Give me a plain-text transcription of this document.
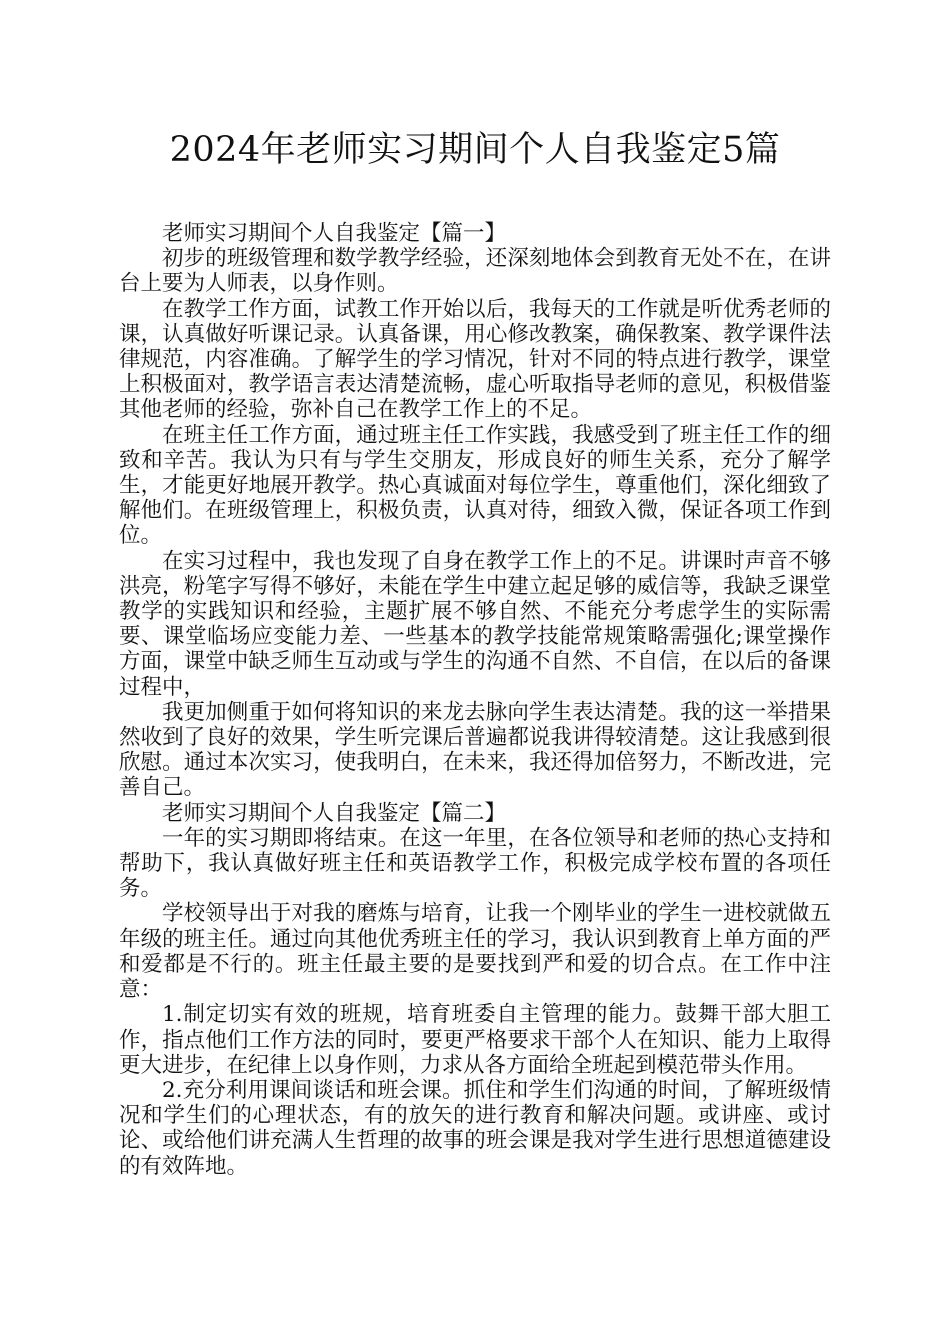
2024年老师实习期间个人自我鉴定5篇

老师实习期间个人自我鉴定【篇一】

初步的班级管理和数学教学经验，还深刻地体会到教育无处不在，在讲台上要为人师表，以身作则。

在教学工作方面，试教工作开始以后，我每天的工作就是听优秀老师的课，认真做好听课记录。认真备课，用心修改教案，确保教案、教学课件法律规范，内容准确。了解学生的学习情况，针对不同的特点进行教学，课堂上积极面对，教学语言表达清楚流畅，虚心听取指导老师的意见，积极借鉴其他老师的经验，弥补自己在教学工作上的不足。

在班主任工作方面，通过班主任工作实践，我感受到了班主任工作的细致和辛苦。我认为只有与学生交朋友，形成良好的师生关系，充分了解学生，才能更好地展开教学。热心真诚面对每位学生，尊重他们，深化细致了解他们。在班级管理上，积极负责，认真对待，细致入微，保证各项工作到位。

在实习过程中，我也发现了自身在教学工作上的不足。讲课时声音不够洪亮，粉笔字写得不够好，未能在学生中建立起足够的威信等，我缺乏课堂教学的实践知识和经验，主题扩展不够自然、不能充分考虑学生的实际需要、课堂临场应变能力差、一些基本的教学技能常规策略需强化;课堂操作方面，课堂中缺乏师生互动或与学生的沟通不自然、不自信，在以后的备课过程中，

我更加侧重于如何将知识的来龙去脉向学生表达清楚。我的这一举措果然收到了良好的效果，学生听完课后普遍都说我讲得较清楚。这让我感到很欣慰。通过本次实习，使我明白，在未来，我还得加倍努力，不断改进，完善自己。

老师实习期间个人自我鉴定【篇二】

一年的实习期即将结束。在这一年里，在各位领导和老师的热心支持和帮助下，我认真做好班主任和英语教学工作，积极完成学校布置的各项任务。

学校领导出于对我的磨炼与培育，让我一个刚毕业的学生一进校就做五年级的班主任。通过向其他优秀班主任的学习，我认识到教育上单方面的严和爱都是不行的。班主任最主要的是要找到严和爱的切合点。在工作中注意：

1.制定切实有效的班规，培育班委自主管理的能力。鼓舞干部大胆工作，指点他们工作方法的同时，要更严格要求干部个人在知识、能力上取得更大进步，在纪律上以身作则，力求从各方面给全班起到模范带头作用。

2.充分利用课间谈话和班会课。抓住和学生们沟通的时间，了解班级情况和学生们的心理状态，有的放矢的进行教育和解决问题。或讲座、或讨论、或给他们讲充满人生哲理的故事的班会课是我对学生进行思想道德建设的有效阵地。
